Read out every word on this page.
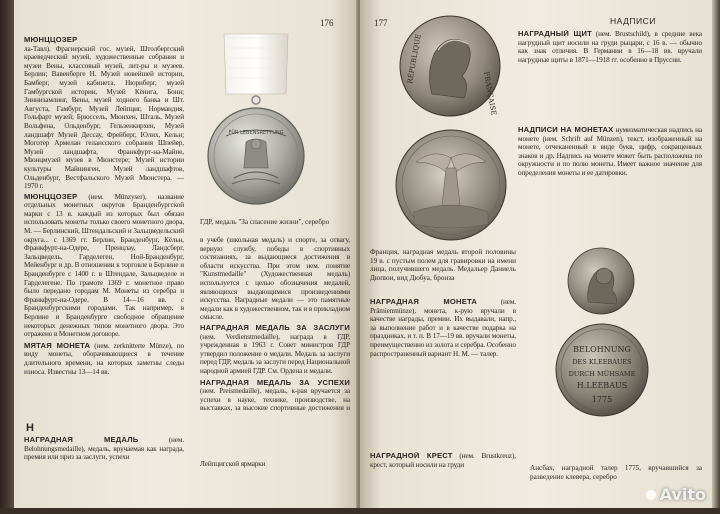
176
МЮНЦЦОЗЕР

ла-Тавл). Фрагиерский гос. музей, Штолбергский краеведческий музей, художественные собрания и музеи Вены, классовый музей, лит-ры и музеев. Берлин; Вавенберге Н. Музей новейшей истории, Бамберг, музей кабинета, Нюрнберг, музей Гамбургской истории, Музей Кёнига, Бонн; Зиннизамлинг, Вены, музей ходного банка и Шт. Августа, Гамбург, Музей Лейпциг, Нормандия, Гольфарт музей; Брюссель, Мюнхен, Шталь, Музей Вольфена, Ольденбург, Гельзенкирхен, Музей ландшафт Музей Дессау, Фрейберг, Юлих, Кельн; Моготер Армелан гелансского собрания Шпейер, Музей ландшафта, Франкфурт-на-Майне, Мюнцмузей музея в Мюнстере; Музей истории культуры Майнинген, Музей ландшафтов, Ольденбург, Вестфальского Музей Мюнстера. — 1970 г.

МЮНЦЦОЗЕР (нем. Münzyser), название отдельных монетных округов Бранденбургской марки с 13 в. каждый из которых был обязан использовать монеты только своего монетного двора, М. — Берлинский, Штендальский и Зальцведельский округа... с 1369 гг. Берлин, Бранденбург, Кёльн, Франкфурт-на-Одере, Пренцлау, Ландсберг, Зальцведель, Гарделеген, Ной-Бранденбург, Мейенбург и др. В отношении к торговле в Берлине и Бранденбурге с 1400 г. в Штендале, Зальцведеле и Гарделегене. По грамоте 1369 г. монетное право было передано городам М. Монеты из серебра и Франкфурт-на-Одере. В 14—16 вв. с Бранденбургскими городами. Так например, в Берлине и Бранденбурге свободное обращение некоторых денежных типов монетного двора. Это отражено в Монетном договоре.
МЯТАЯ МОНЕТА (нем. zerknitterte Münze), по виду монеты, оборачивающиеся в течение длительного времени, на которых заметны следы износа. Известны 13—14 вв.
Н
FÜR LEBENSRETTUNG
ГДР, медаль "За спасение жизни", серебро

в учебе (школьная медаль) и спорте, за отвагу, верную службу, победы в спортивных состязаниях, за выдающиеся достижения в области искусства. При этом нем. понятие "Kunstmedaille" (Художественная медаль) используется с целью обозначения медалей, являющихся выдающимися произведениями искусства. Наградные медали — это памятные медали как в художественном, так и в прикладном смысле.

НАГРАДНАЯ МЕДАЛЬ ЗА ЗАСЛУГИ (нем. Verdienstmedaille), награда в ГДР, учрежденная в 1963 г. Совет министров ГДР утвердил положение о медали. Медаль за заслуги перед ГДР, медаль за заслуги перед Национальной народной армией ГДР. См. Ордена и медали.
НАГРАДНАЯ МЕДАЛЬ ЗА УСПЕХИ (нем. Preismedaille), медаль, к-рая вручается за успехи в науке, технике, производстве, на выставках, за высокие спортивные достижения и
НАГРАДНАЯ МЕДАЛЬ	(нем. Belohnungsmedaille), медаль, вручаемая как награда, премия или приз за заслуги, успехи
Лейпцигской ярмарки
177	НАДПИСИ
FRANÇAISE
RÉPUBLIQUE
Франция, наградная медаль второй половины 19 в. с пустым полем для гравировки на имени лица, получившего медаль. Медальер Даниель Дюпюи, вид Дюбуа, бронза
НАГРАДНЫЙ ЩИТ (нем. Brustschild), в средние века нагрудный щит носили на груди рыцари, с 16 в. — обычно как знак отличия. В Германии в 16—18 вв. вручали нагрудные щиты в 1871—1918 гг. особенно в Пруссии.
НАДПИСИ НА МОНЕТАХ нумизматическая надпись на монете (нем. Schrift auf Münzen), текст, изображенный на монете, отчеканенный в виде букв, цифр, сокращенных знаков и др. Надпись на монете может быть расположена по окружности и по полю монеты. Имеет важное значение для определения монеты и ее датировки.
НАГРАДНАЯ МОНЕТА	(нем. Prämienmünze), монета, к-рую вручали в качестве награды, премии. Их выдавали, напр., за выполнение работ и в качестве подарка на праздниках, и т. п. В 17—19 вв. вручали монеты, преимущественно из золота и серебра. Особенно распространенный вариант Н. М. — талер.
НАГРАДНОЙ КРЕСТ (нем. Brustkreuz), крест, который носили на груди
BELOHNUNG
DES KLEEBAUES
DURCH MÜHSAME
H.LEEBAUS
1775
Ансбах, наградной талер 1775, вручавшийся за разведение клевера, серебро
Avito
